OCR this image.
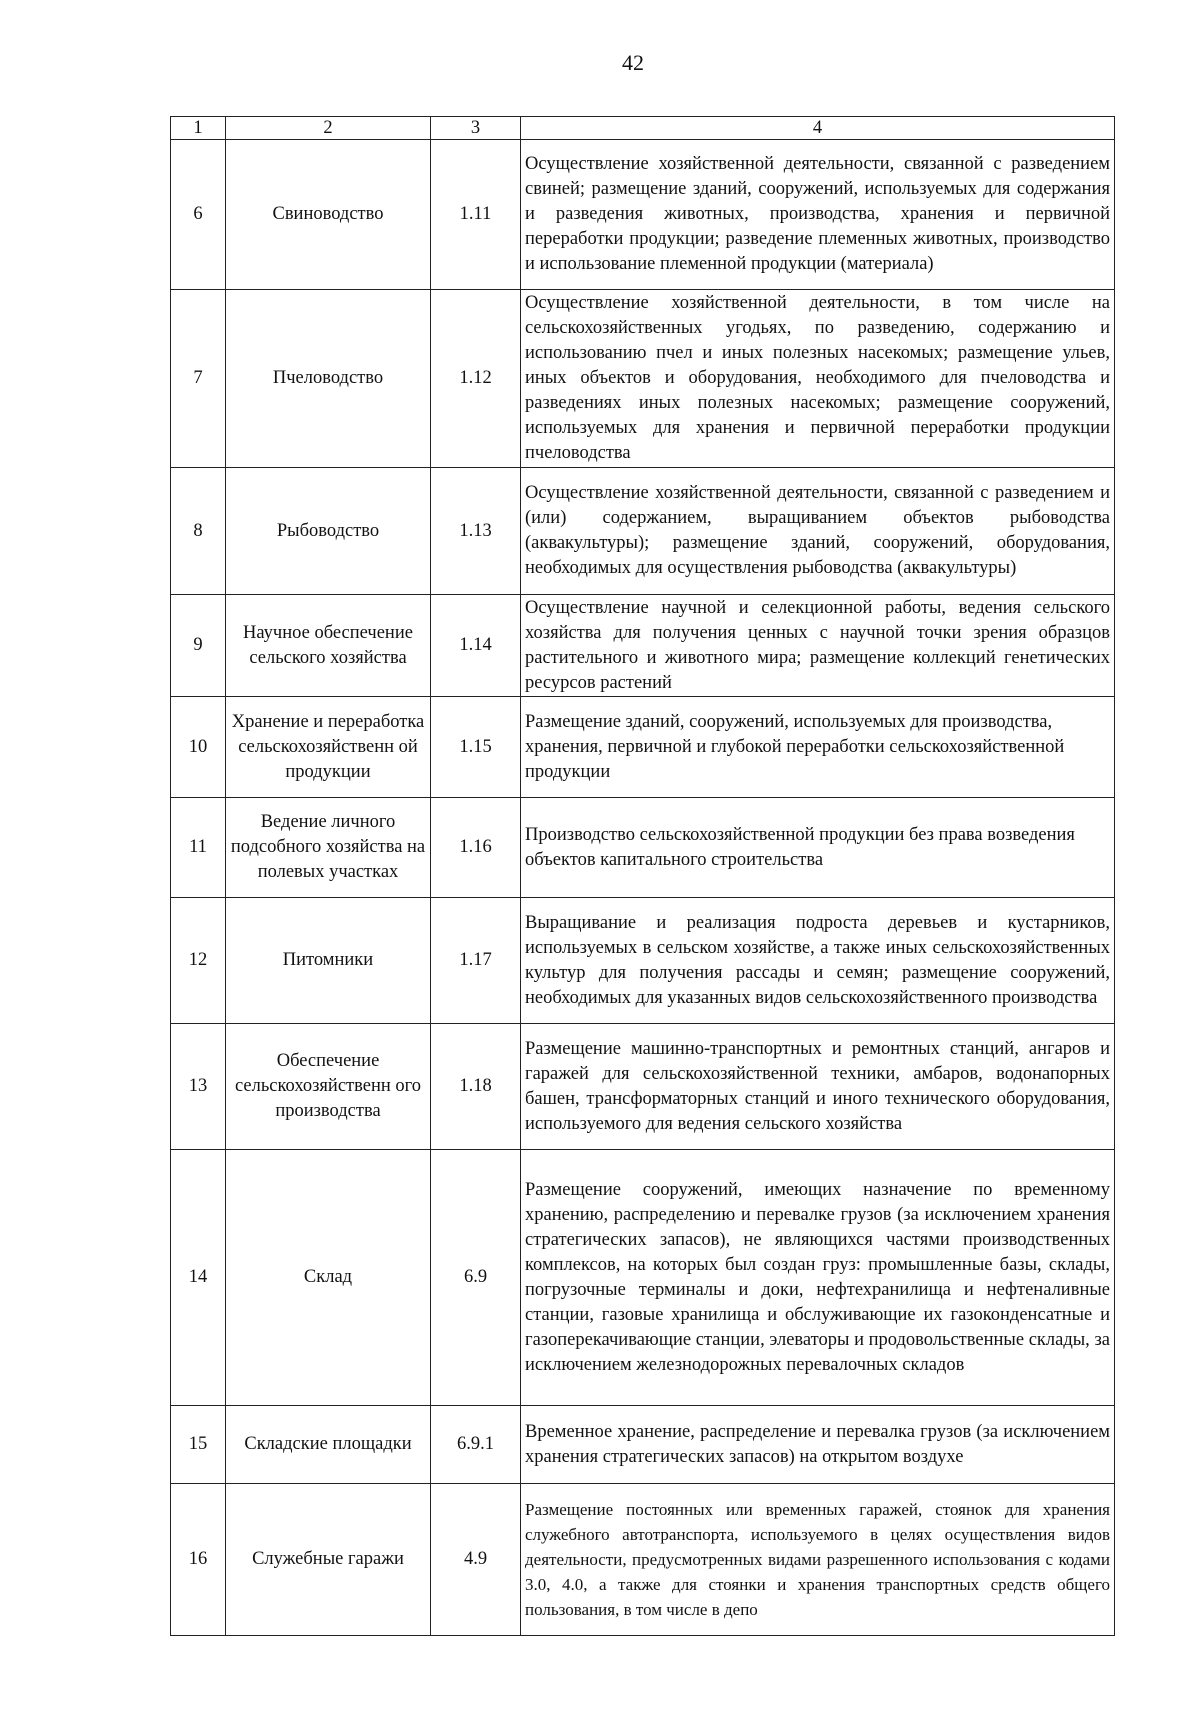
42
1	2	3	4
6	Свиноводство	1.11	Осуществление хозяйственной деятельности, связанной с разведением свиней; размещение зданий, сооружений, используемых для содержания и разведения животных, производства, хранения и первичной переработки продукции; разведение племенных животных, производство и использование племенной продукции (материала)
7	Пчеловодство	1.12	Осуществление хозяйственной деятельности, в том числе на сельскохозяйственных угодьях, по разведению, содержанию и использованию пчел и иных полезных насекомых; размещение ульев, иных объектов и оборудования, необходимого для пчеловодства и разведениях иных полезных насекомых; размещение сооружений, используемых для хранения и первичной переработки продукции пчеловодства
8	Рыбоводство	1.13	Осуществление хозяйственной деятельности, связанной с разведением и (или) содержанием, выращиванием объектов рыбоводства (аквакультуры); размещение зданий, сооружений, оборудования, необходимых для осуществления рыбоводства (аквакультуры)
9	Научное обеспечение сельского хозяйства	1.14	Осуществление научной и селекционной работы, ведения сельского хозяйства для получения ценных с научной точки зрения образцов растительного и животного мира; размещение коллекций генетических ресурсов растений
10	Хранение и переработка сельскохозяйственн ой продукции	1.15	Размещение зданий, сооружений, используемых для производства, хранения, первичной и глубокой переработки сельскохозяйственной продукции
11	Ведение личного подсобного хозяйства на полевых участках	1.16	Производство сельскохозяйственной продукции без права возведения объектов капитального строительства
12	Питомники	1.17	Выращивание и реализация подроста деревьев и кустарников, используемых в сельском хозяйстве, а также иных сельскохозяйственных культур для получения рассады и семян; размещение сооружений, необходимых для указанных видов сельскохозяйственного производства
13	Обеспечение сельскохозяйственн ого производства	1.18	Размещение машинно-транспортных и ремонтных станций, ангаров и гаражей для сельскохозяйственной техники, амбаров, водонапорных башен, трансформаторных станций и иного технического оборудования, используемого для ведения сельского хозяйства
14	Склад	6.9	Размещение сооружений, имеющих назначение по временному хранению, распределению и перевалке грузов (за исключением хранения стратегических запасов), не являющихся частями производственных комплексов, на которых был создан груз: промышленные базы, склады, погрузочные терминалы и доки, нефтехранилища и нефтеналивные станции, газовые хранилища и обслуживающие их газоконденсатные и газоперекачивающие станции, элеваторы и продовольственные склады, за исключением железнодорожных перевалочных складов
15	Складские площадки	6.9.1	Временное хранение, распределение и перевалка грузов (за исключением хранения стратегических запасов) на открытом воздухе
16	Служебные гаражи	4.9	Размещение постоянных или временных гаражей, стоянок для хранения служебного автотранспорта, используемого в целях осуществления видов деятельности, предусмотренных видами разрешенного использования с кодами 3.0, 4.0, а также для стоянки и хранения транспортных средств общего пользования, в том числе в депо
